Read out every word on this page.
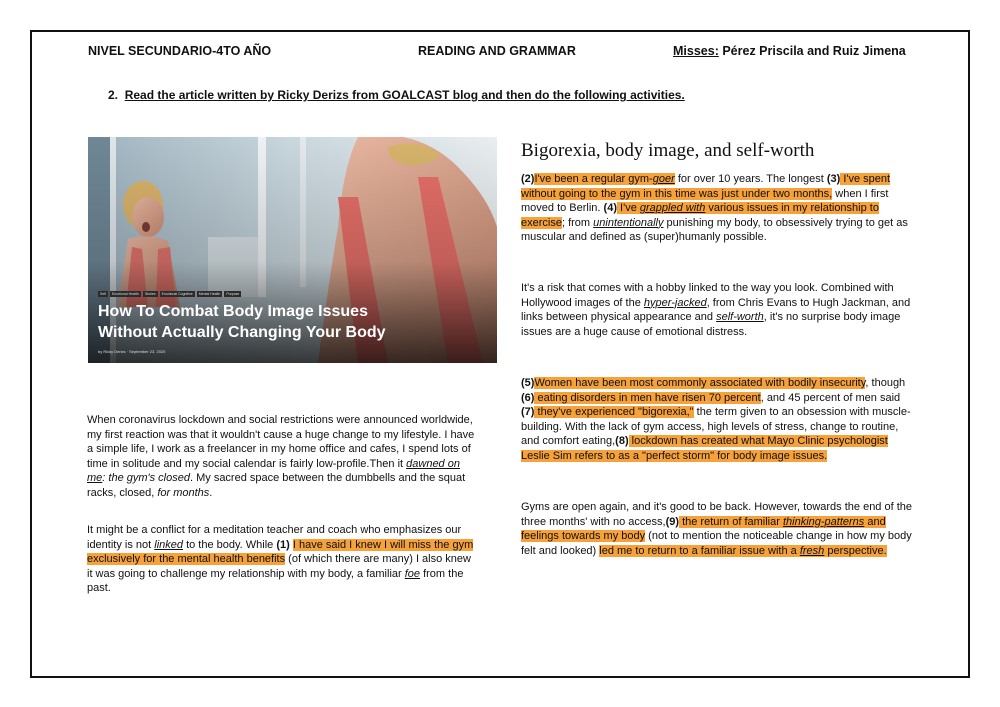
NIVEL SECUNDARIO-4TO AÑO	READING AND GRAMMAR	Misses: Pérez Priscila and Ruiz Jimena
2. Read the article written by Ricky Derizs from GOALCAST blog and then do the following activities.
Self	Emotional Health	Stories	Emotional Cognitive	Mental Health	Purpose
How To Combat Body Image Issues
Without Actually Changing Your Body
by Ricky Derizs · September 23, 2020
Bigorexia, body image, and self-worth
(2)I've been a regular gym-goer for over 10 years. The longest (3) I've spent without going to the gym in this time was just under two months, when I first moved to Berlin. (4) I've grappled with various issues in my relationship to exercise; from unintentionally punishing my body, to obsessively trying to get as muscular and defined as (super)humanly possible.
It's a risk that comes with a hobby linked to the way you look. Combined with Hollywood images of the hyper-jacked, from Chris Evans to Hugh Jackman, and links between physical appearance and self-worth, it's no surprise body image issues are a huge cause of emotional distress.
(5)Women have been most commonly associated with bodily insecurity, though (6) eating disorders in men have risen 70 percent, and 45 percent of men said (7) they've experienced "bigorexia," the term given to an obsession with muscle-building. With the lack of gym access, high levels of stress, change to routine, and comfort eating,(8) lockdown has created what Mayo Clinic psychologist Leslie Sim refers to as a "perfect storm" for body image issues.
Gyms are open again, and it's good to be back. However, towards the end of the three months' with no access,(9) the return of familiar thinking-patterns and feelings towards my body (not to mention the noticeable change in how my body felt and looked) led me to return to a familiar issue with a fresh perspective.
When coronavirus lockdown and social restrictions were announced worldwide, my first reaction was that it wouldn't cause a huge change to my lifestyle. I have a simple life, I work as a freelancer in my home office and cafes, I spend lots of time in solitude and my social calendar is fairly low-profile.Then it dawned on me: the gym's closed. My sacred space between the dumbbells and the squat racks, closed, for months.
It might be a conflict for a meditation teacher and coach who emphasizes our identity is not linked to the body. While (1) I have said I knew I will miss the gym exclusively for the mental health benefits (of which there are many) I also knew it was going to challenge my relationship with my body, a familiar foe from the past.
